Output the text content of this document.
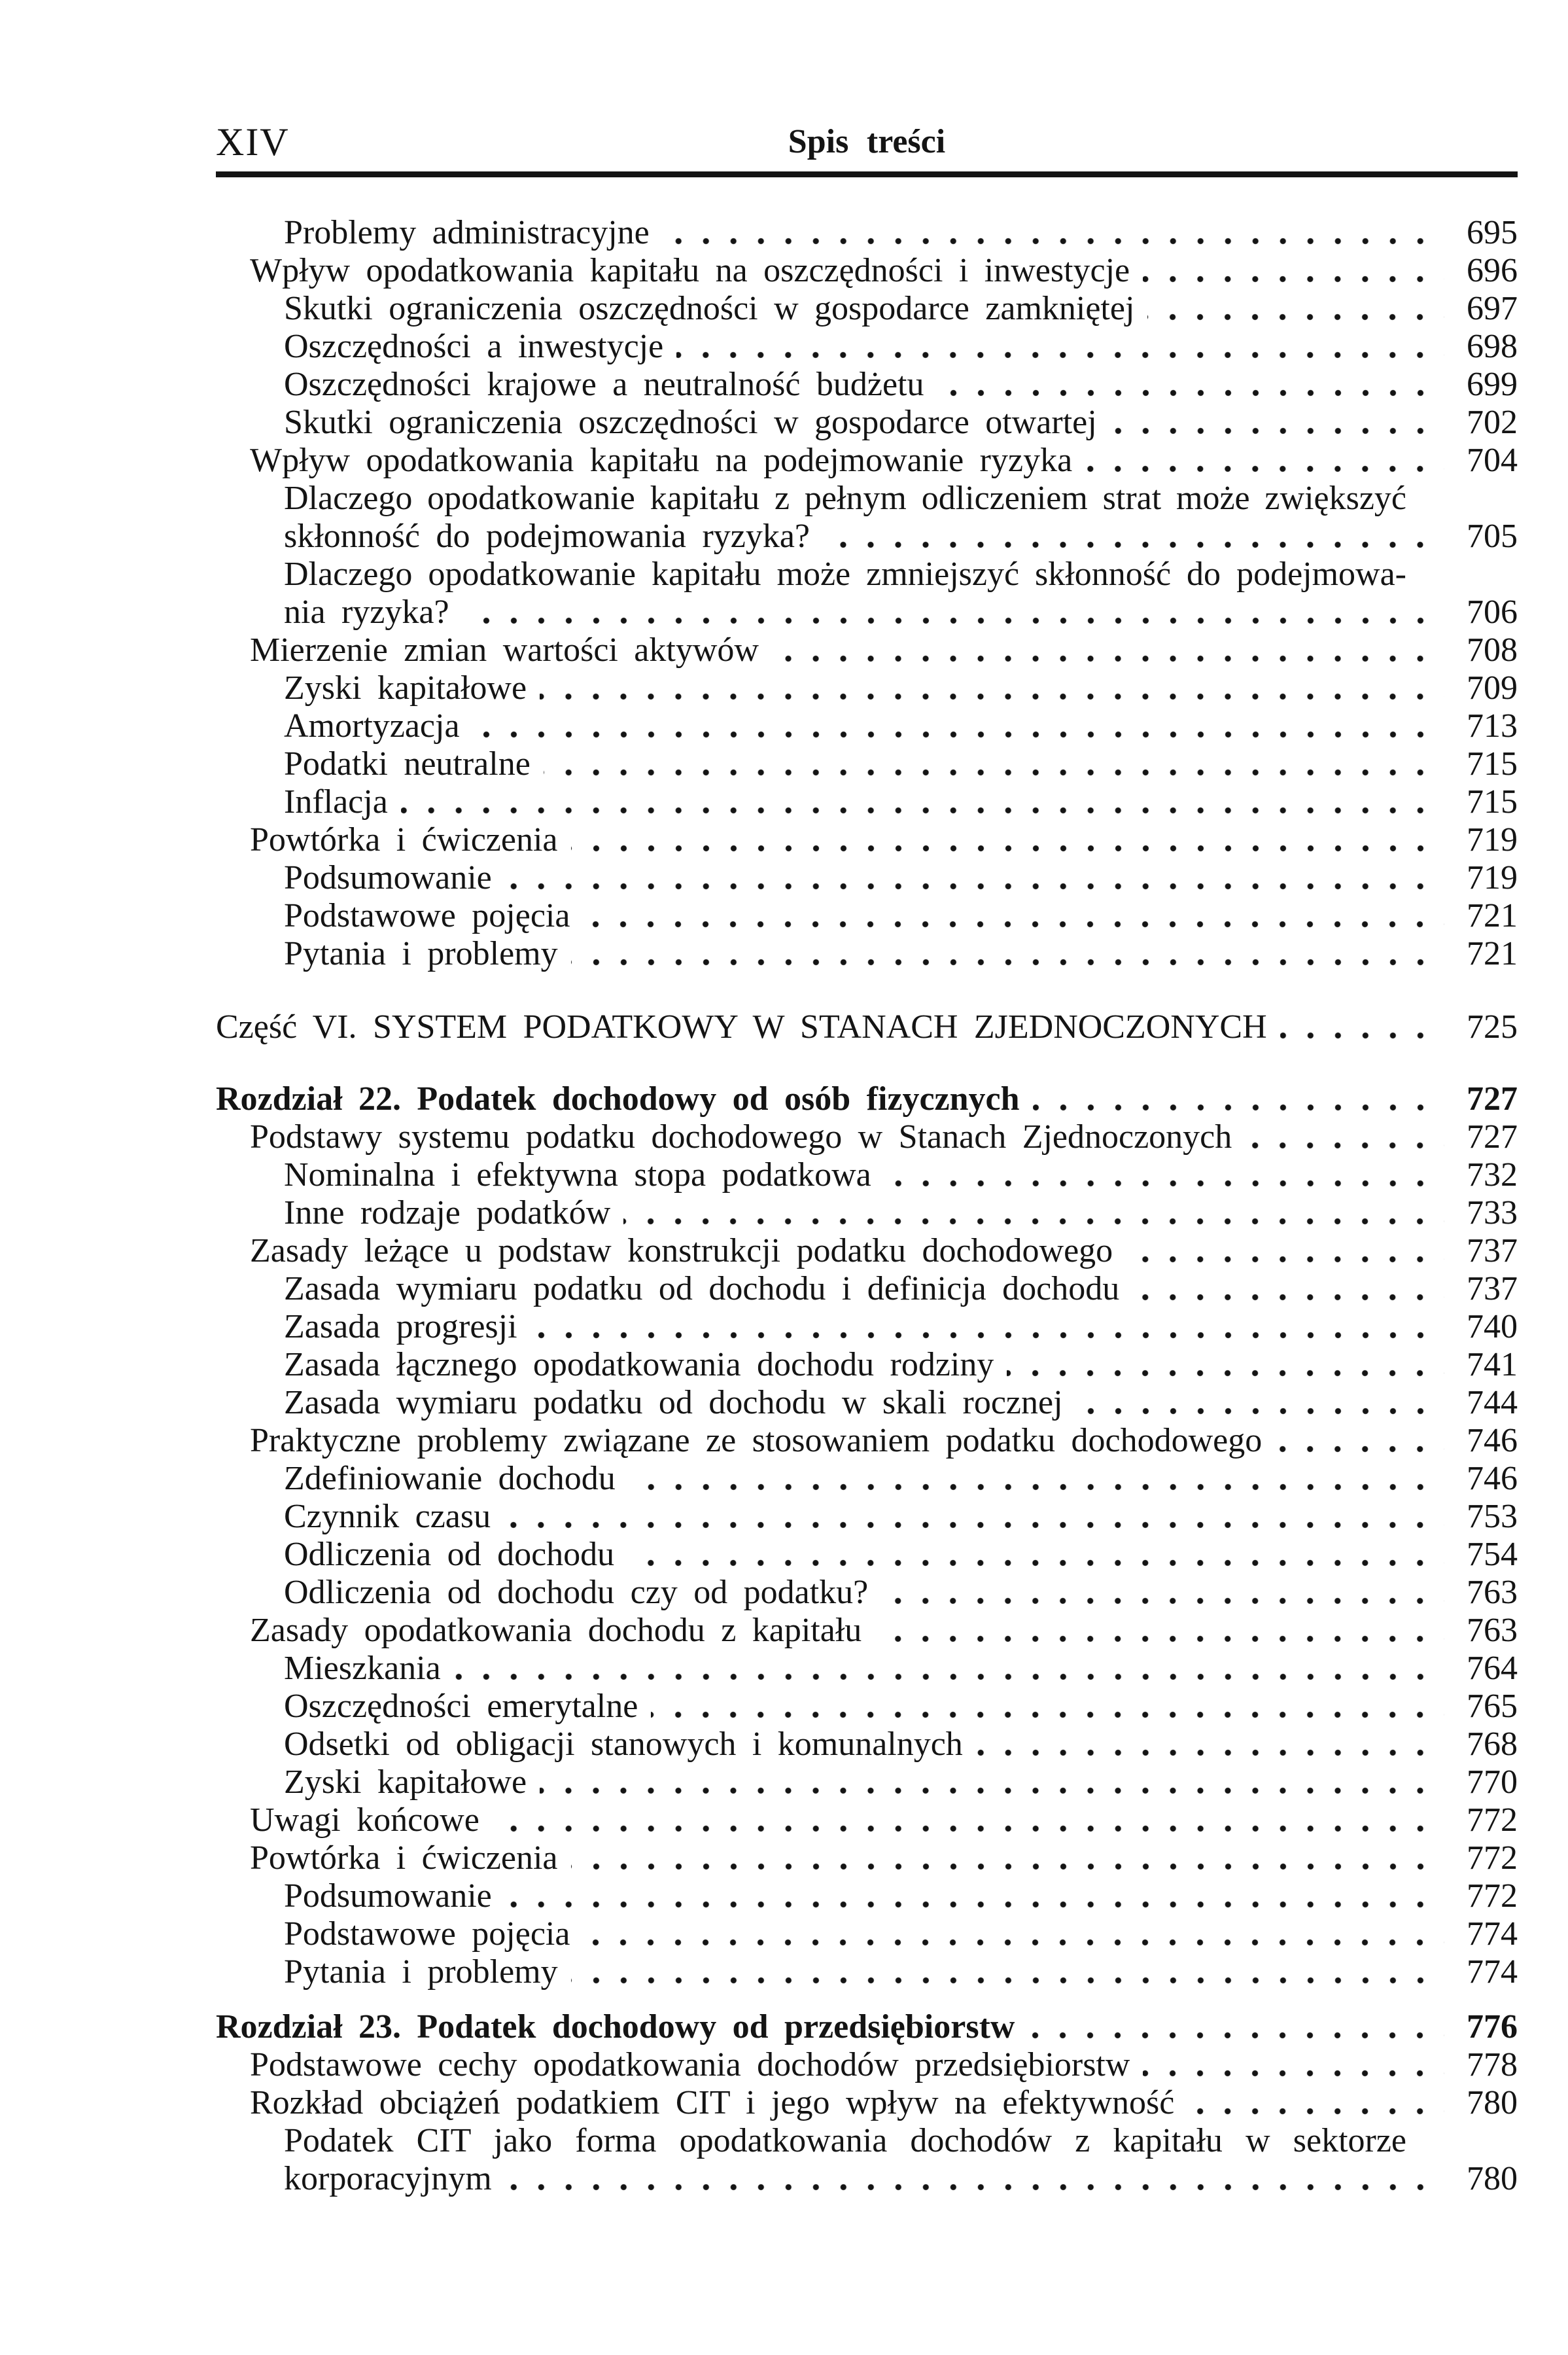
XIV	Spis treści
Problemy administracyjne	695
Wpływ opodatkowania kapitału na oszczędności i inwestycje	696
Skutki ograniczenia oszczędności w gospodarce zamkniętej	697
Oszczędności a inwestycje	698
Oszczędności krajowe a neutralność budżetu	699
Skutki ograniczenia oszczędności w gospodarce otwartej	702
Wpływ opodatkowania kapitału na podejmowanie ryzyka	704
Dlaczego opodatkowanie kapitału z pełnym odliczeniem strat może zwiększyć
skłonność do podejmowania ryzyka?	705
Dlaczego opodatkowanie kapitału może zmniejszyć skłonność do podejmowa-
nia ryzyka?	706
Mierzenie zmian wartości aktywów	708
Zyski kapitałowe	709
Amortyzacja	713
Podatki neutralne	715
Inflacja	715
Powtórka i ćwiczenia	719
Podsumowanie	719
Podstawowe pojęcia	721
Pytania i problemy	721
Część VI. SYSTEM PODATKOWY W STANACH ZJEDNOCZONYCH	725
Rozdział 22. Podatek dochodowy od osób fizycznych	727
Podstawy systemu podatku dochodowego w Stanach Zjednoczonych	727
Nominalna i efektywna stopa podatkowa	732
Inne rodzaje podatków	733
Zasady leżące u podstaw konstrukcji podatku dochodowego	737
Zasada wymiaru podatku od dochodu i definicja dochodu	737
Zasada progresji	740
Zasada łącznego opodatkowania dochodu rodziny	741
Zasada wymiaru podatku od dochodu w skali rocznej	744
Praktyczne problemy związane ze stosowaniem podatku dochodowego	746
Zdefiniowanie dochodu	746
Czynnik czasu	753
Odliczenia od dochodu	754
Odliczenia od dochodu czy od podatku?	763
Zasady opodatkowania dochodu z kapitału	763
Mieszkania	764
Oszczędności emerytalne	765
Odsetki od obligacji stanowych i komunalnych	768
Zyski kapitałowe	770
Uwagi końcowe	772
Powtórka i ćwiczenia	772
Podsumowanie	772
Podstawowe pojęcia	774
Pytania i problemy	774
Rozdział 23. Podatek dochodowy od przedsiębiorstw	776
Podstawowe cechy opodatkowania dochodów przedsiębiorstw	778
Rozkład obciążeń podatkiem CIT i jego wpływ na efektywność	780
Podatek CIT jako forma opodatkowania dochodów z kapitału w sektorze
korporacyjnym	780
